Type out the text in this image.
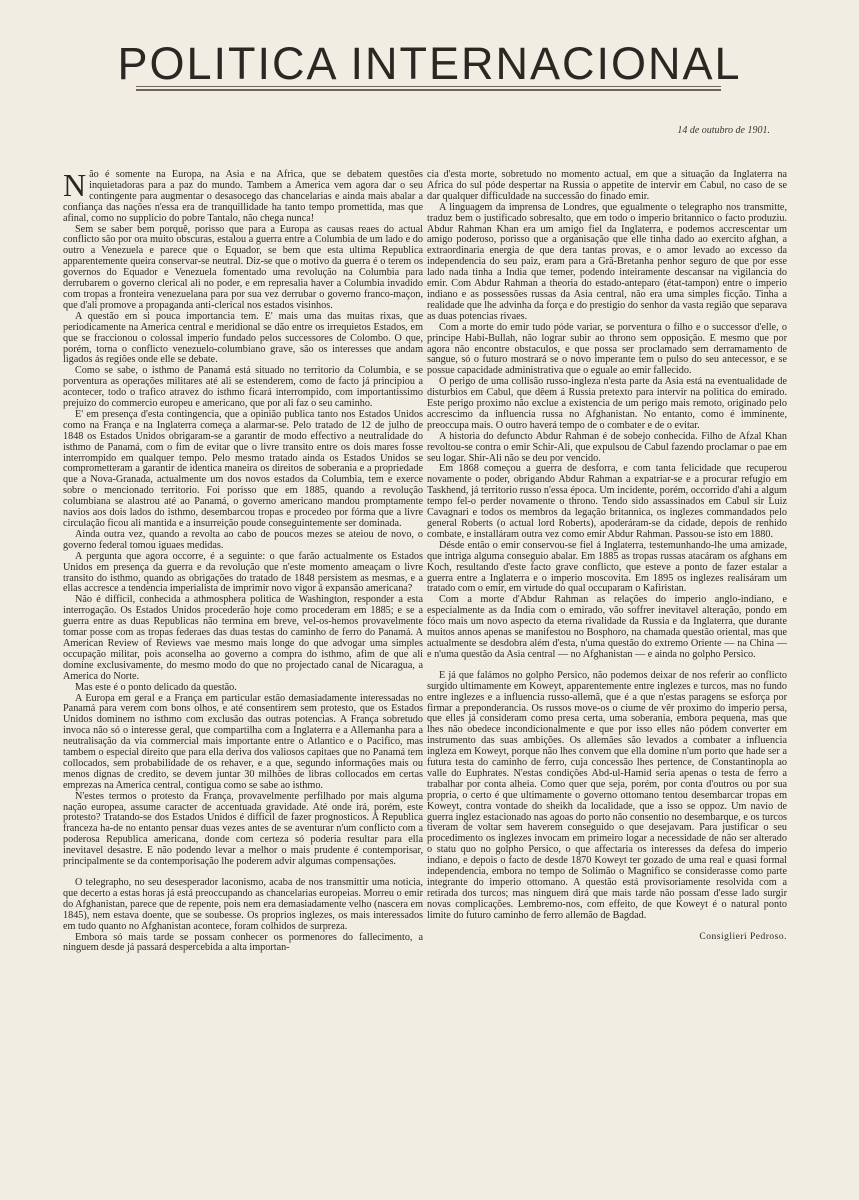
POLITICA INTERNACIONAL
14 de outubro de 1901.

Não é somente na Europa, na Asia e na Africa, que se debatem questões inquietadoras para a paz do mundo. Tambem a America vem agora dar o seu contingente para augmentar o desasocego das chancelarias e ainda mais abalar a confiança das nações n'essa era de tranquillidade ha tanto tempo promettida, mas que afinal, como no supplicio do pobre Tantalo, não chega nunca!

Sem se saber bem porquê, porisso que para a Europa as causas reaes do actual conflicto são por ora muito obscuras, estalou a guerra entre a Columbia de um lado e do outro a Venezuela e parece que o Equador, se bem que esta ultima Republica apparentemente queira conservar-se neutral. Diz-se que o motivo da guerra é o terem os governos do Equador e Venezuela fomentado uma revolução na Columbia para derrubarem o governo clerical ali no poder, e em represalia haver a Columbia invadido com tropas a fronteira venezuelana para por sua vez derrubar o governo franco-maçon, que d'ali promove a propaganda anti-clerical nos estados visinhos.

A questão em si pouca importancia tem. E' mais uma das muitas rixas, que periodicamente na America central e meridional se dão entre os irrequietos Estados, em que se fraccionou o colossal imperio fundado pelos successores de Colombo. O que, porém, torna o conflicto venezuelo-columbiano grave, são os interesses que andam ligados ás regiões onde elle se debate.

Como se sabe, o isthmo de Panamá está situado no territorio da Columbia, e se porventura as operações militares até ali se estenderem, como de facto já principiou a acontecer, todo o trafico atravez do isthmo ficará interrompido, com importantissimo prejuizo do commercio europeu e americano, que por ali faz o seu caminho.

E' em presença d'esta contingencia, que a opinião publica tanto nos Estados Unidos como na França e na Inglaterra começa a alarmar-se. Pelo tratado de 12 de julho de 1848 os Estados Unidos obrigaram-se a garantir de modo effectivo a neutralidade do isthmo de Panamá, com o fim de evitar que o livre transito entre os dois mares fosse interrompido em qualquer tempo. Pelo mesmo tratado ainda os Estados Unidos se comprometteram a garantir de identica maneira os direitos de soberania e a propriedade que a Nova-Granada, actualmente um dos novos estados da Columbia, tem e exerce sobre o mencionado territorio. Foi porisso que em 1885, quando a revolução columbiana se alastrou até ao Panamá, o governo americano mandou promptamente navios aos dois lados do isthmo, desembarcou tropas e procedeo por fórma que a livre circulação ficou ali mantida e a insurreição poude conseguintemente ser dominada.

Ainda outra vez, quando a revolta ao cabo de poucos mezes se ateiou de novo, o governo federal tomou iguaes medidas.

A pergunta que agora occorre, é a seguinte: o que farão actualmente os Estados Unidos em presença da guerra e da revolução que n'este momento ameaçam o livre transito do isthmo, quando as obrigações do tratado de 1848 persistem as mesmas, e a ellas accresce a tendencia imperialista de imprimir novo vigor á expansão americana?

Não é difficil, conhecida a athmosphera politica de Washington, responder a esta interrogação. Os Estados Unidos procederão hoje como procederam em 1885; e se a guerra entre as duas Republicas não termina em breve, vel-os-hemos provavelmente tomar posse com as tropas federaes das duas testas do caminho de ferro do Panamá. A American Review of Reviews vae mesmo mais longe do que advogar uma simples occupação militar, pois aconselha ao governo a compra do isthmo, afim de que ali domine exclusivamente, do mesmo modo do que no projectado canal de Nicaragua, a America do Norte.

Mas este é o ponto delicado da questão.

A Europa em geral e a França em particular estão demasiadamente interessadas no Panamá para verem com bons olhos, e até consentirem sem protesto, que os Estados Unidos dominem no isthmo com exclusão das outras potencias. A França sobretudo invoca não só o interesse geral, que compartilha com a Inglaterra e a Allemanha para a neutralisação da via commercial mais importante entre o Atlantico e o Pacifico, mas tambem o especial direito que para ella deriva dos valiosos capitaes que no Panamá tem collocados, sem probabilidade de os rehaver, e a que, segundo informações mais ou menos dignas de credito, se devem juntar 30 milhões de libras collocados em certas emprezas na America central, contigua como se sabe ao isthmo.

N'estes termos o protesto da França, provavelmente perfilhado por mais alguma nação europea, assume caracter de accentuada gravidade. Até onde irá, porém, este protesto? Tratando-se dos Estados Unidos é difficil de fazer prognosticos. A Republica franceza ha-de no entanto pensar duas vezes antes de se aventurar n'um conflicto com a poderosa Republica americana, donde com certeza só poderia resultar para ella inevitavel desastre. E não podendo levar a melhor o mais prudente é contemporisar, principalmente se da contemporisação lhe poderem advir algumas compensações.

O telegrapho, no seu desesperador laconismo, acaba de nos transmittir uma noticia, que decerto a estas horas já está preoccupando as chancelarias europeias. Morreu o emir do Afghanistan, parece que de repente, pois nem era demasiadamente velho (nascera em 1845), nem estava doente, que se soubesse. Os proprios inglezes, os mais interessados em tudo quanto no Afghanistan acontece, foram colhidos de surpreza.

Embora só mais tarde se possam conhecer os pormenores do fallecimento, a ninguem desde já passará despercebida a alta importan-

cia d'esta morte, sobretudo no momento actual, em que a situação da Inglaterra na Africa do sul póde despertar na Russia o appetite de intervir em Cabul, no caso de se dar qualquer difficuldade na successão do finado emir.

A linguagem da imprensa de Londres, que egualmente o telegrapho nos transmitte, traduz bem o justificado sobresalto, que em todo o imperio britannico o facto produziu. Abdur Rahman Khan era um amigo fiel da Inglaterra, e podemos accrescentar um amigo poderoso, porisso que a organisação que elle tinha dado ao exercito afghan, a extraordinaria energia de que dera tantas provas, e o amor levado ao excesso da independencia do seu paiz, eram para a Grã-Bretanha penhor seguro de que por esse lado nada tinha a India que temer, podendo inteiramente descansar na vigilancia do emir. Com Abdur Rahman a theoria do estado-anteparo (état-tampon) entre o imperio indiano e as possessões russas da Asia central, não era uma simples ficção. Tinha a realidade que lhe advinha da força e do prestigio do senhor da vasta região que separava as duas potencias rivaes.

Com a morte do emir tudo póde variar, se porventura o filho e o successor d'elle, o principe Habi-Bullah, não lograr subir ao throno sem opposição. E mesmo que por agora não encontre obstaculos, e que possa ser proclamado sem derramamento de sangue, só o futuro mostrará se o novo imperante tem o pulso do seu antecessor, e se possue capacidade administrativa que o eguale ao emir fallecido.

O perigo de uma collisão russo-ingleza n'esta parte da Asia está na eventualidade de disturbios em Cabul, que dêem á Russia pretexto para intervir na politica do emirado. Este perigo proximo não exclue a existencia de um perigo mais remoto, originado pelo accrescimo da influencia russa no Afghanistan. No entanto, como é imminente, preoccupa mais. O outro haverá tempo de o combater e de o evitar.

A historia do defuncto Abdur Rahman é de sobejo conhecida. Filho de Afzal Khan revoltou-se contra o emir Schir-Ali, que expulsou de Cabul fazendo proclamar o pae em seu logar. Shir-Ali não se deu por vencido.

Em 1868 começou a guerra de desforra, e com tanta felicidade que recuperou novamente o poder, obrigando Abdur Rahman a expatriar-se e a procurar refugio em Taskhend, já territorio russo n'essa época. Um incidente, porém, occorrido d'ahi a algum tempo fel-o perder novamente o throno. Tendo sido assassinados em Cabul sir Luiz Cavagnari e todos os membros da legação britannica, os inglezes commandados pelo general Roberts (o actual lord Roberts), apoderáram-se da cidade, depois de renhido combate, e installáram outra vez como emir Abdur Rahman. Passou-se isto em 1880.

Désde então o emir conservou-se fiel á Inglaterra, testemunhando-lhe uma amizade, que intriga alguma conseguio abalar. Em 1885 as tropas russas atacáram os afghans em Koch, resultando d'este facto grave conflicto, que esteve a ponto de fazer estalar a guerra entre a Inglaterra e o imperio moscovita. Em 1895 os inglezes realisáram um tratado com o emir, em virtude do qual occuparam o Kafiristan.

Com a morte d'Abdur Rahman as relações do imperio anglo-indiano, e especialmente as da India com o emirado, vão soffrer inevitavel alteração, pondo em fóco mais um novo aspecto da eterna rivalidade da Russia e da Inglaterra, que durante muitos annos apenas se manifestou no Bosphoro, na chamada questão oriental, mas que actualmente se desdobra além d'esta, n'uma questão do extremo Oriente — na China — e n'uma questão da Asia central — no Afghanistan — e ainda no golpho Persico.

E já que falámos no golpho Persico, não podemos deixar de nos referir ao conflicto surgido ultimamente em Koweyt, apparentemente entre inglezes e turcos, mas no fundo entre inglezes e a influencia russo-allemã, que é a que n'estas paragens se esforça por firmar a preponderancia. Os russos move-os o ciume de vêr proximo do imperio persa, que elles já consideram como presa certa, uma soberania, embora pequena, mas que lhes não obedece incondicionalmente e que por isso elles não pódem converter em instrumento das suas ambições. Os allemães são levados a combater a influencia ingleza em Koweyt, porque não lhes convem que ella domine n'um porto que hade ser a futura testa do caminho de ferro, cuja concessão lhes pertence, de Constantinopla ao valle do Euphrates. N'estas condições Abd-ul-Hamid seria apenas o testa de ferro a trabalhar por conta alheia. Como quer que seja, porém, por conta d'outros ou por sua propria, o certo é que ultimamente o governo ottomano tentou desembarcar tropas em Koweyt, contra vontade do sheikh da localidade, que a isso se oppoz. Um navio de guerra inglez estacionado nas agoas do porto não consentio no desembarque, e os turcos tiveram de voltar sem haverem conseguido o que desejavam. Para justificar o seu procedimento os inglezes invocam em primeiro logar a necessidade de não ser alterado o statu quo no golpho Persico, o que affectaria os interesses da defesa do imperio indiano, e depois o facto de desde 1870 Koweyt ter gozado de uma real e quasi formal independencia, embora no tempo de Solimão o Magnifico se considerasse como parte integrante do imperio ottomano. A questão está provisoriamente resolvida com a retirada dos turcos; mas ninguem dirá que mais tarde não possam d'esse lado surgir novas complicações. Lembremo-nos, com effeito, de que Koweyt é o natural ponto limite do futuro caminho de ferro allemão de Bagdad.

Consiglieri Pedroso.
